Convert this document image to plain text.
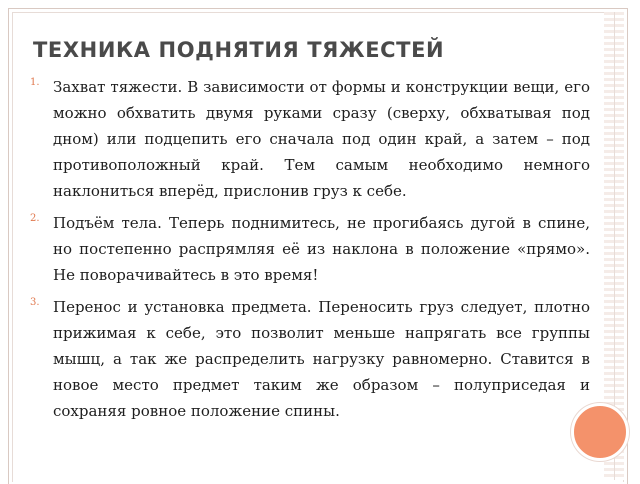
ТЕХНИКА ПОДНЯТИЯ ТЯЖЕСТЕЙ
1. Захват тяжести. В зависимости от формы и конструкции вещи, его можно обхватить двумя руками сразу (сверху, обхватывая под дном) или подцепить его сначала под один край, а затем – под противоположный край. Тем самым необходимо немного наклониться вперёд, прислонив груз к себе.
2. Подъём тела. Теперь поднимитесь, не прогибаясь дугой в спине, но постепенно распрямляя её из наклона в положение «прямо». Не поворачивайтесь в это время!
3. Перенос и установка предмета. Переносить груз следует, плотно прижимая к себе, это позволит меньше напрягать все группы мышц, а так же распределить нагрузку равномерно. Ставится в новое место предмет таким же образом – полуприседая и сохраняя ровное положение спины.
